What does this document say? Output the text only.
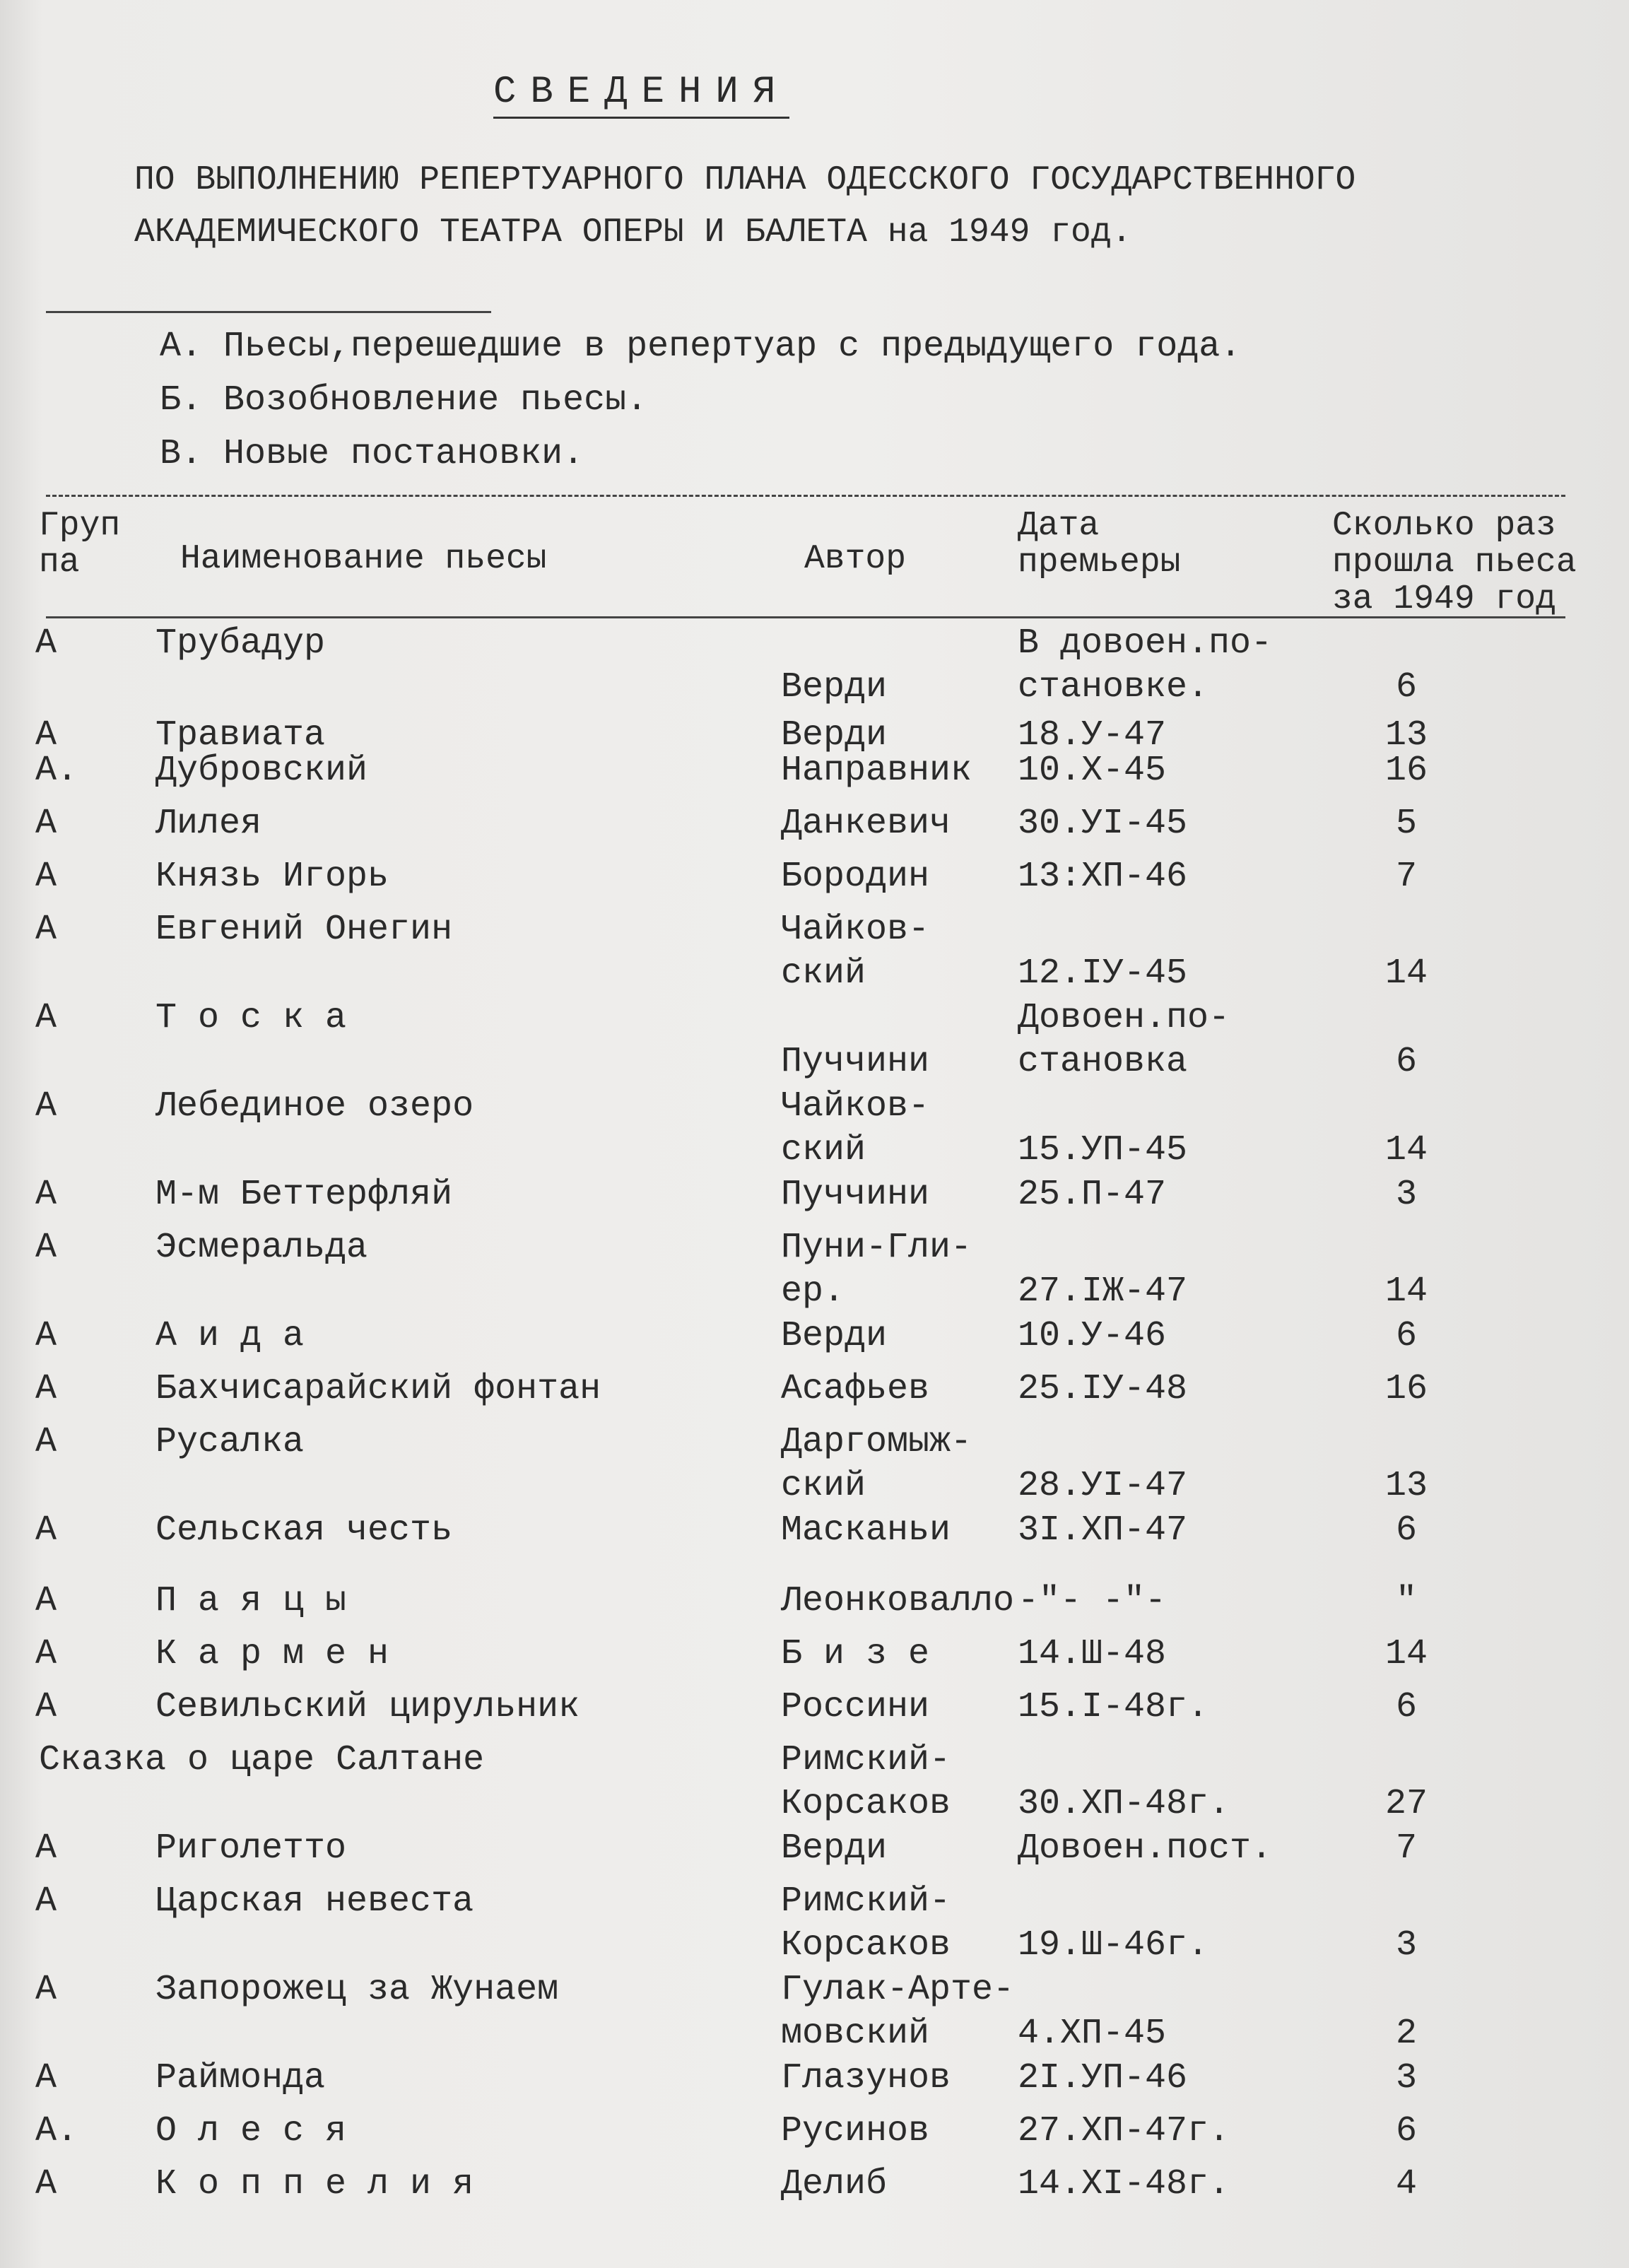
СВЕДЕНИЯ
ПО ВЫПОЛНЕНИЮ РЕПЕРТУАРНОГО ПЛАНА ОДЕССКОГО ГОСУДАРСТВЕННОГО
АКАДЕМИЧЕСКОГО ТЕАТРА ОПЕРЫ И БАЛЕТА на 1949 год.
А. Пьесы,перешедшие в репертуар с предыдущего года.
Б. Возобновление пьесы.
В. Новые постановки.
Груп
па	Наименование пьесы	Автор
Дата
премьеры
Сколько раз
прошла пьеса
за 1949 год
А	Трубадур
Верди
В довоен.по-
становке.	6
А	Травиата	Верди	18.У-47	13
А. Дубровский	Направник 10.Х-45	16
А	Лилея	Данкевич 30.УI-45	5
А	Князь Игорь	Бородин 13:ХП-46	7
А	Евгений Онегин	Чайков-
ский	12.IУ-45	14
А	Т о с к а
Пуччини
Довоен.по-
становка	6
А	Лебединое озеро	Чайков-
ский	15.УП-45	14
А	М-м Беттерфляй	Пуччини 25.П-47	3
А	Эсмеральда	Пуни-Гли-
ер.	27.IЖ-47	14
А	А и д а	Верди	10.У-46	6
А	Бахчисарайский фонтан	Асафьев 25.IУ-48	16
А	Русалка	Даргомыж-
ский	28.УI-47	13
А	Сельская честь	Масканьи 3I.ХП-47	6
А	П а я ц ы	Леонковалло -"- -"-	"
А	К а р м е н	Б и з е 14.Ш-48	14
А	Севильский цирульник	Россини 15.I-48г.	6
Сказка о царе Салтане	Римский-
Корсаков 30.ХП-48г.	27
А	Риголетто	Верди	Довоен.пост.	7
А	Царская невеста	Римский-
Корсаков 19.Ш-46г.	3
А	Запорожец за Жунаем	Гулак-Арте-
мовский 4.ХП-45	2
А	Раймонда	Глазунов 2I.УП-46	3
А. О л е с я	Русинов 27.ХП-47г.	6
А	К о п п е л и я	Делиб	14.ХI-48г.	4
